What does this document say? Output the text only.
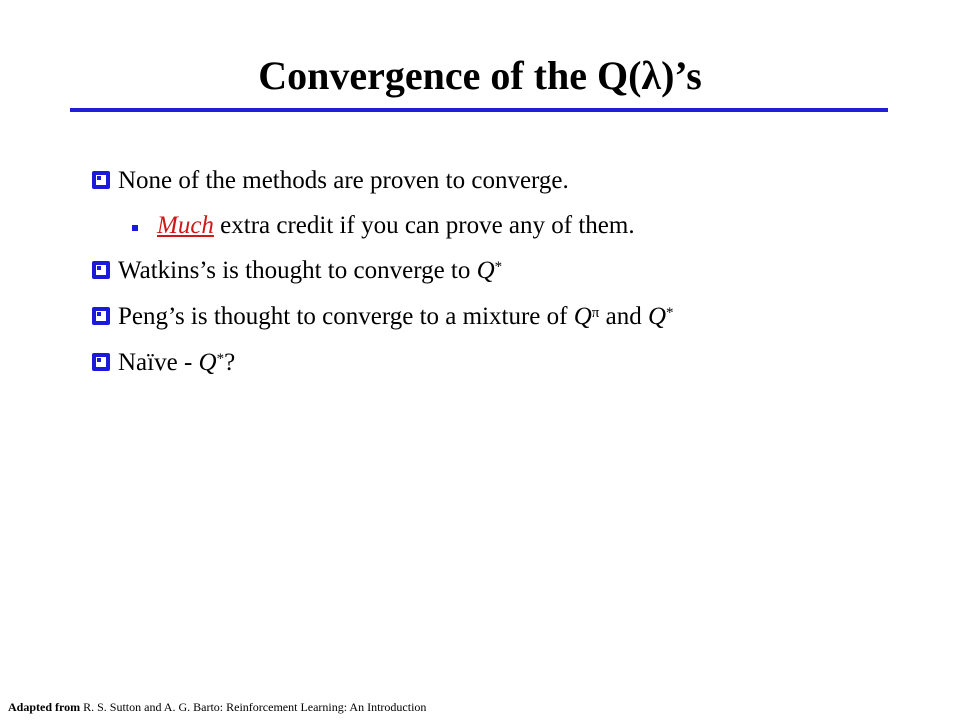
Convergence of the Q(λ)’s
None of the methods are proven to converge.
Much extra credit if you can prove any of them.
Watkins’s is thought to converge to Q*
Peng’s is thought to converge to a mixture of $Q^\pi$ and Q*
Naïve - Q*?
Adapted from R. S. Sutton and A. G. Barto: Reinforcement Learning: An Introduction
